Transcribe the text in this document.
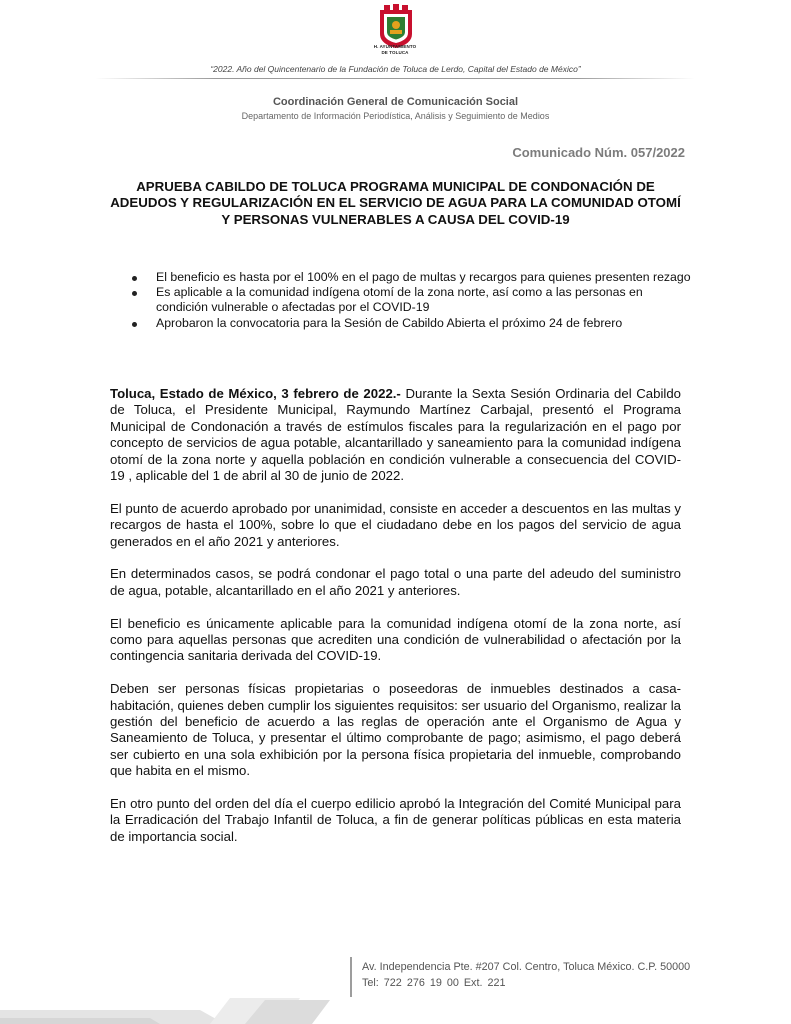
H. AYUNTAMIENTO
DE TOLUCA
“2022. Año del Quincentenario de la Fundación de Toluca de Lerdo, Capital del Estado de México”
Coordinación General de Comunicación Social
Departamento de Información Periodística, Análisis y Seguimiento de Medios
Comunicado Núm. 057/2022
APRUEBA CABILDO DE TOLUCA PROGRAMA MUNICIPAL DE CONDONACIÓN DE ADEUDOS Y REGULARIZACIÓN EN EL SERVICIO DE AGUA PARA LA COMUNIDAD OTOMÍ Y PERSONAS VULNERABLES A CAUSA DEL COVID-19
El beneficio es hasta por el 100% en el pago de multas y recargos para quienes presenten rezago
Es aplicable a la comunidad indígena otomí de la zona norte, así como a las personas en condición vulnerable o afectadas por el COVID-19
Aprobaron la convocatoria para la Sesión de Cabildo Abierta el próximo 24 de febrero

Toluca, Estado de México, 3 febrero de 2022.- Durante la Sexta Sesión Ordinaria del Cabildo de Toluca, el Presidente Municipal, Raymundo Martínez Carbajal, presentó el Programa Municipal de Condonación a través de estímulos fiscales para la regularización en el pago por concepto de servicios de agua potable, alcantarillado y saneamiento para la comunidad indígena otomí de la zona norte y aquella población en condición vulnerable a consecuencia del COVID-19 , aplicable del 1 de abril al 30 de junio de 2022.

El punto de acuerdo aprobado por unanimidad, consiste en acceder a descuentos en las multas y recargos de hasta el 100%, sobre lo que el ciudadano debe en los pagos del servicio de agua generados en el año 2021 y anteriores.

En determinados casos, se podrá condonar el pago total o una parte del adeudo del suministro de agua, potable, alcantarillado en el año 2021 y anteriores.

El beneficio es únicamente aplicable para la comunidad indígena otomí de la zona norte, así como para aquellas personas que acrediten una condición de vulnerabilidad o afectación por la contingencia sanitaria derivada del COVID-19.

Deben ser personas físicas propietarias o poseedoras de inmuebles destinados a casa-habitación, quienes deben cumplir los siguientes requisitos: ser usuario del Organismo, realizar la gestión del beneficio de acuerdo a las reglas de operación ante el Organismo de Agua y Saneamiento de Toluca, y presentar el último comprobante de pago; asimismo, el pago deberá ser cubierto en una sola exhibición por la persona física propietaria del inmueble, comprobando que habita en el mismo.

En otro punto del orden del día el cuerpo edilicio aprobó la Integración del Comité Municipal para la Erradicación del Trabajo Infantil de Toluca, a fin de generar políticas públicas en esta materia de importancia social.

Av. Independencia Pte. #207 Col. Centro, Toluca México. C.P. 50000
Tel: 722 276 19 00 Ext. 221
